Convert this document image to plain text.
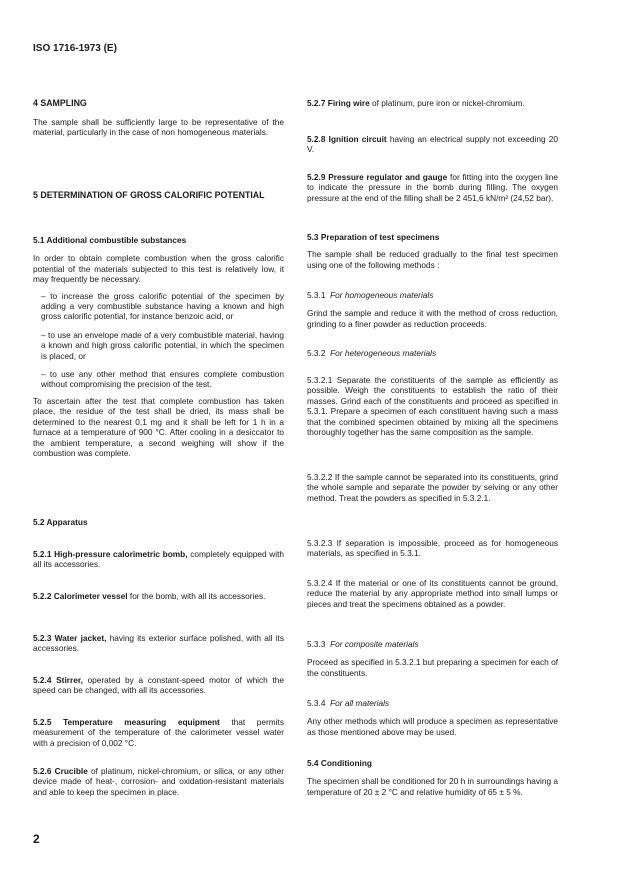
ISO 1716-1973 (E)
4 SAMPLING

The sample shall be sufficiently large to be representative of the material, particularly in the case of non homogeneous materials.

5 DETERMINATION OF GROSS CALORIFIC POTENTIAL
5.1 Additional combustible substances

In order to obtain complete combustion when the gross calorific potential of the materials subjected to this test is relatively low, it may frequently be necessary.

– to increase the gross calorific potential of the specimen by adding a very combustible substance having a known and high gross calorific potential, for instance benzoic acid, or

– to use an envelope made of a very combustible material, having a known and high gross calorific potential, in which the specimen is placed, or

– to use any other method that ensures complete combustion without compromising the precision of the test.

To ascertain after the test that complete combustion has taken place, the residue of the test shall be dried, its mass shall be determined to the nearest 0,1 mg and it shall be left for 1 h in a furnace at a temperature of 900 °C. After cooling in a desiccator to the ambient temperature, a second weighing will show if the combustion was complete.

5.2 Apparatus

5.2.1 High-pressure calorimetric bomb, completely equipped with all its accessories.

5.2.2 Calorimeter vessel for the bomb, with all its accessories.

5.2.3 Water jacket, having its exterior surface polished, with all its accessories.

5.2.4 Stirrer, operated by a constant-speed motor of which the speed can be changed, with all its accessories.

5.2.5 Temperature measuring equipment that permits measurement of the temperature of the calorimeter vessel water with a precision of 0,002 °C.

5.2.6 Crucible of platinum, nickel-chromium, or silica, or any other device made of heat-, corrosion- and oxidation-resistant materials and able to keep the specimen in place.

5.2.7 Firing wire of platinum, pure iron or nickel-chromium.

5.2.8 Ignition circuit having an electrical supply not exceeding 20 V.

5.2.9 Pressure regulator and gauge for fitting into the oxygen line to indicate the pressure in the bomb during filling. The oxygen pressure at the end of the filling shall be 2 451,6 kN/m² (24,52 bar).

5.3 Preparation of test specimens

The sample shall be reduced gradually to the final test specimen using one of the following methods :

5.3.1 For homogeneous materials

Grind the sample and reduce it with the method of cross reduction, grinding to a finer powder as reduction proceeds.

5.3.2 For heterogeneous materials

5.3.2.1 Separate the constituents of the sample as efficiently as possible. Weigh the constituents to establish the ratio of their masses. Grind each of the constituents and proceed as specified in 5.3.1. Prepare a specimen of each constituent having such a mass that the combined specimen obtained by mixing all the specimens thoroughly together has the same composition as the sample.

5.3.2.2 If the sample cannot be separated into its constituents, grind the whole sample and separate the powder by seiving or any other method. Treat the powders as specified in 5.3.2.1.

5.3.2.3 If separation is impossible, proceed as for homogeneous materials, as specified in 5.3.1.

5.3.2.4 If the material or one of its constituents cannot be ground, reduce the material by any appropriate method into small lumps or pieces and treat the specimens obtained as a powder.

5.3.3 For composite materials

Proceed as specified in 5.3.2.1 but preparing a specimen for each of the constituents.

5.3.4 For all materials

Any other methods which will produce a specimen as representative as those mentioned above may be used.

5.4 Conditioning

The specimen shall be conditioned for 20 h in surroundings having a temperature of 20 ± 2 °C and relative humidity of 65 ± 5 %.

2
